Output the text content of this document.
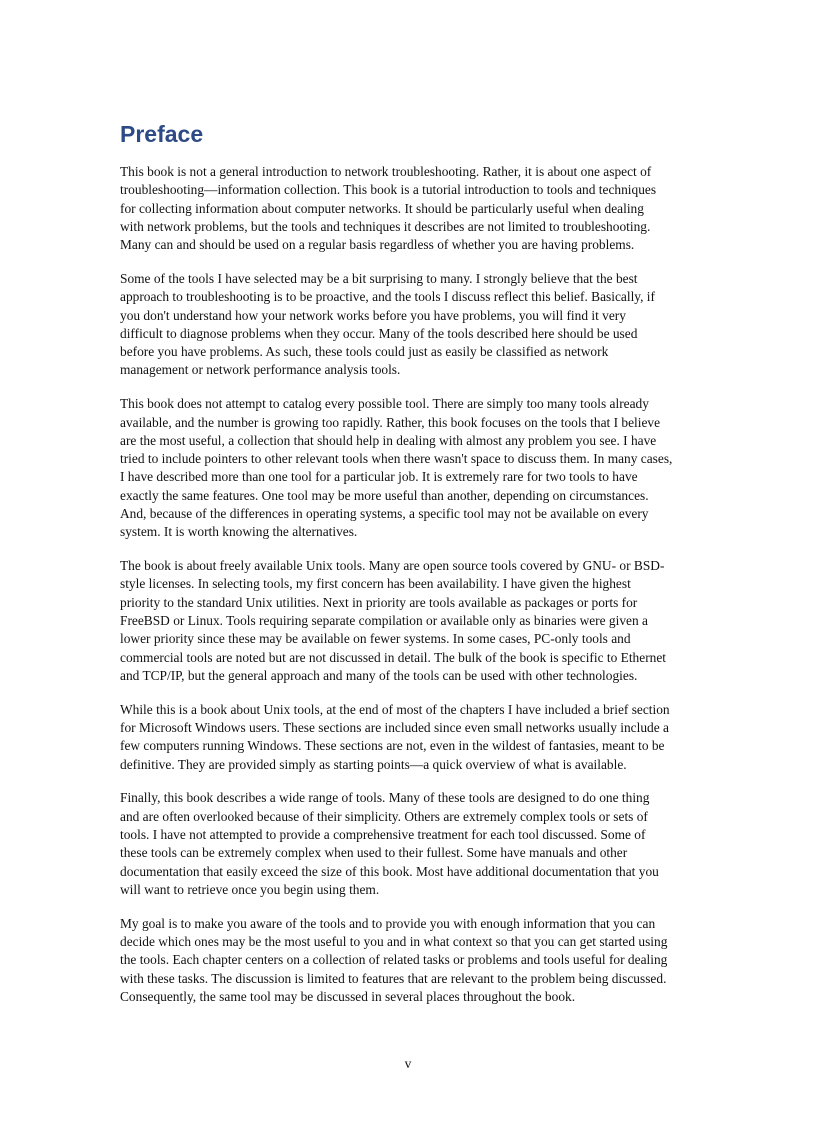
Preface

This book is not a general introduction to network troubleshooting. Rather, it is about one aspect of
troubleshooting—information collection. This book is a tutorial introduction to tools and techniques
for collecting information about computer networks. It should be particularly useful when dealing
with network problems, but the tools and techniques it describes are not limited to troubleshooting.
Many can and should be used on a regular basis regardless of whether you are having problems.

Some of the tools I have selected may be a bit surprising to many. I strongly believe that the best
approach to troubleshooting is to be proactive, and the tools I discuss reflect this belief. Basically, if
you don't understand how your network works before you have problems, you will find it very
difficult to diagnose problems when they occur. Many of the tools described here should be used
before you have problems. As such, these tools could just as easily be classified as network
management or network performance analysis tools.

This book does not attempt to catalog every possible tool. There are simply too many tools already
available, and the number is growing too rapidly. Rather, this book focuses on the tools that I believe
are the most useful, a collection that should help in dealing with almost any problem you see. I have
tried to include pointers to other relevant tools when there wasn't space to discuss them. In many cases,
I have described more than one tool for a particular job. It is extremely rare for two tools to have
exactly the same features. One tool may be more useful than another, depending on circumstances.
And, because of the differences in operating systems, a specific tool may not be available on every
system. It is worth knowing the alternatives.

The book is about freely available Unix tools. Many are open source tools covered by GNU- or BSD-
style licenses. In selecting tools, my first concern has been availability. I have given the highest
priority to the standard Unix utilities. Next in priority are tools available as packages or ports for
FreeBSD or Linux. Tools requiring separate compilation or available only as binaries were given a
lower priority since these may be available on fewer systems. In some cases, PC-only tools and
commercial tools are noted but are not discussed in detail. The bulk of the book is specific to Ethernet
and TCP/IP, but the general approach and many of the tools can be used with other technologies.

While this is a book about Unix tools, at the end of most of the chapters I have included a brief section
for Microsoft Windows users. These sections are included since even small networks usually include a
few computers running Windows. These sections are not, even in the wildest of fantasies, meant to be
definitive. They are provided simply as starting points—a quick overview of what is available.

Finally, this book describes a wide range of tools. Many of these tools are designed to do one thing
and are often overlooked because of their simplicity. Others are extremely complex tools or sets of
tools. I have not attempted to provide a comprehensive treatment for each tool discussed. Some of
these tools can be extremely complex when used to their fullest. Some have manuals and other
documentation that easily exceed the size of this book. Most have additional documentation that you
will want to retrieve once you begin using them.

My goal is to make you aware of the tools and to provide you with enough information that you can
decide which ones may be the most useful to you and in what context so that you can get started using
the tools. Each chapter centers on a collection of related tasks or problems and tools useful for dealing
with these tasks. The discussion is limited to features that are relevant to the problem being discussed.
Consequently, the same tool may be discussed in several places throughout the book.

v
